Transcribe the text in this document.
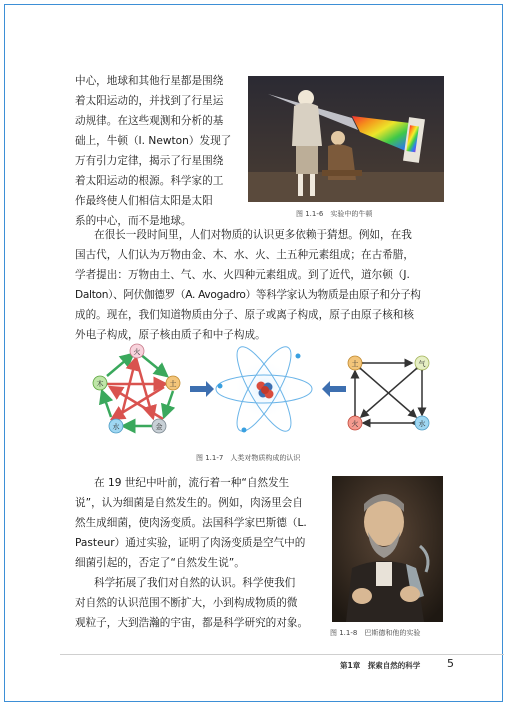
中心，地球和其他行星都是围绕
着太阳运动的，并找到了行星运
动规律。在这些观测和分析的基
础上，牛顿（I. Newton）发现了
万有引力定律，揭示了行星围绕
着太阳运动的根源。科学家的工
作最终使人们相信太阳是太阳
系的中心，而不是地球。
图 1.1-6　实验中的牛顿
在很长一段时间里，人们对物质的认识更多依赖于猜想。例如，在我
国古代，人们认为万物由金、木、水、火、土五种元素组成；在古希腊，
学者提出：万物由土、气、水、火四种元素组成。到了近代，道尔顿（J.
Dalton）、阿伏伽德罗（A. Avogadro）等科学家认为物质是由原子和分子构
成的。现在，我们知道物质由分子、原子或离子构成，原子由原子核和核
外电子构成，原子核由质子和中子构成。
火
土
金
水
木
土	气
火	水
图 1.1-7　人类对物质构成的认识
在 19 世纪中叶前，流行着一种“自然发生
说”，认为细菌是自然发生的。例如，肉汤里会自
然生成细菌，使肉汤变质。法国科学家巴斯德（L.
Pasteur）通过实验，证明了肉汤变质是空气中的
细菌引起的，否定了“自然发生说”。
科学拓展了我们对自然的认识。科学使我们
对自然的认识范围不断扩大，小到构成物质的微
观粒子，大到浩瀚的宇宙，都是科学研究的对象。
图 1.1-8　巴斯德和他的实验
第1章　探索自然的科学 5
